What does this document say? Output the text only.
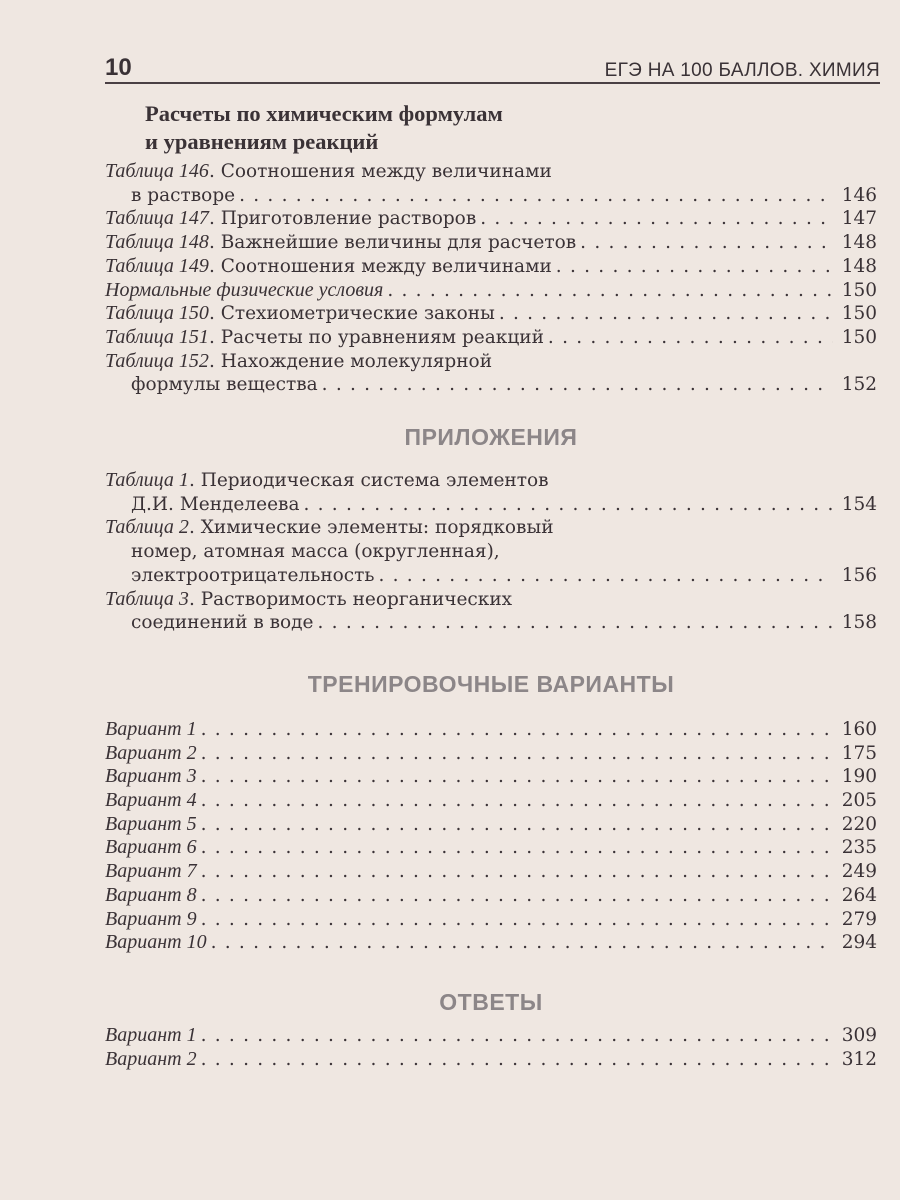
10	ЕГЭ НА 100 БАЛЛОВ. ХИМИЯ
Расчеты по химическим формулам
и уравнениям реакций
Таблица 146 . Соотношения между величинами
в растворе . . .	146
Таблица 147 . Приготовление растворов . . .	147
Таблица 148 . Важнейшие величины для расчетов . . .	148
Таблица 149 . Соотношения между величинами . . .	148
Нормальные физические условия . . .	150
Таблица 150 . Стехиометрические законы . . .	150
Таблица 151 . Расчеты по уравнениям реакций . . .	150
Таблица 152 . Нахождение молекулярной
формулы вещества . . .	152
ПРИЛОЖЕНИЯ
Таблица 1 . Периодическая система элементов
Д.И. Менделеева . . .	154
Таблица 2 . Химические элементы: порядковый
номер, атомная масса (округленная),
электроотрицательность . . .	156
Таблица 3 . Растворимость неорганических
соединений в воде . . .	158
ТРЕНИРОВОЧНЫЕ ВАРИАНТЫ
Вариант 1 . . .	160
Вариант 2 . . .	175
Вариант 3 . . .	190
Вариант 4 . . .	205
Вариант 5 . . .	220
Вариант 6 . . .	235
Вариант 7 . . .	249
Вариант 8 . . .	264
Вариант 9 . . .	279
Вариант 10 . . .	294
ОТВЕТЫ
Вариант 1 . . .	309
Вариант 2 . . .	312
